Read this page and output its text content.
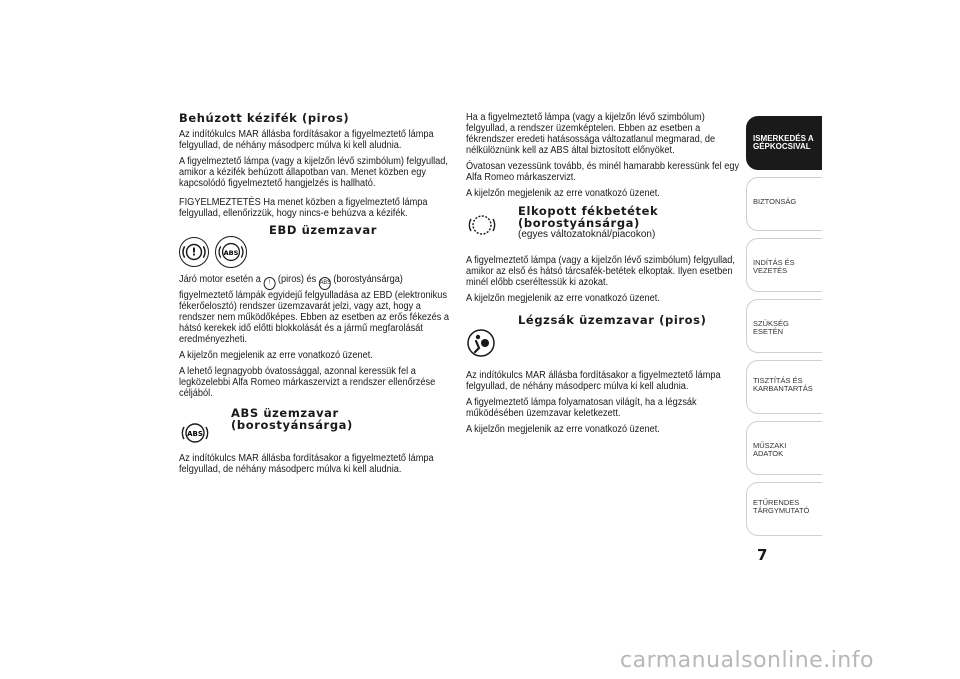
Behúzott kézifék (piros)

Az indítókulcs MAR állásba fordításakor a figyelmeztető lámpa felgyullad, de néhány másodperc múlva ki kell aludnia.

A figyelmeztető lámpa (vagy a kijelzőn lévő szimbólum) felgyullad, amikor a kézifék behúzott állapotban van. Menet közben egy kapcsolódó figyelmeztető hangjelzés is hallható.

FIGYELMEZTETÉS Ha menet közben a figyelmeztető lámpa felgyullad, ellenőrizzük, hogy nincs-e behúzva a kézifék.

!	ABS
EBD üzemzavar

Járó motor esetén a ! (piros) és ABS (borostyánsárga) figyelmeztető lámpák egyidejű felgyulladása az EBD (elektronikus fékerőelosztó) rendszer üzemzavarát jelzi, vagy azt, hogy a rendszer nem működőképes. Ebben az esetben az erős fékezés a hátsó kerekek idő előtti blokkolását és a jármű megfarolását eredményezheti.

A kijelzőn megjelenik az erre vonatkozó üzenet.

A lehető legnagyobb óvatossággal, azonnal keressük fel a legközelebbi Alfa Romeo márkaszervizt a rendszer ellenőrzése céljából.

ABS
ABS üzemzavar
(borostyánsárga)

Az indítókulcs MAR állásba fordításakor a figyelmeztető lámpa felgyullad, de néhány másodperc múlva ki kell aludnia.

Ha a figyelmeztető lámpa (vagy a kijelzőn lévő szimbólum) felgyullad, a rendszer üzemképtelen. Ebben az esetben a fékrendszer eredeti hatásossága változatlanul megmarad, de nélkülöznünk kell az ABS által biztosított előnyöket.

Óvatosan vezessünk tovább, és minél hamarabb keressünk fel egy Alfa Romeo márkaszervizt.

A kijelzőn megjelenik az erre vonatkozó üzenet.

Elkopott fékbetétek
(borostyánsárga)
(egyes változatoknál/piacokon)

A figyelmeztető lámpa (vagy a kijelzőn lévő szimbólum) felgyullad, amikor az első és hátsó tárcsafék-betétek elkoptak. Ilyen esetben minél előbb cseréltessük ki azokat.

A kijelzőn megjelenik az erre vonatkozó üzenet.

Légzsák üzemzavar (piros)

Az indítókulcs MAR állásba fordításakor a figyelmeztető lámpa felgyullad, de néhány másodperc múlva ki kell aludnia.

A figyelmeztető lámpa folyamatosan világít, ha a légzsák működésében üzemzavar keletkezett.

A kijelzőn megjelenik az erre vonatkozó üzenet.

ISMERKEDÉS A
GÉPKOCSIVAL
BIZTONSÁG
INDÍTÁS ÉS VEZETÉS
SZÜKSÉG ESETÉN
TISZTÍTÁS ÉS
KARBANTARTÁS
MŰSZAKI ADATOK
ETŰRENDES
TÁRGYMUTATÓ
7
carmanualsonline.info
